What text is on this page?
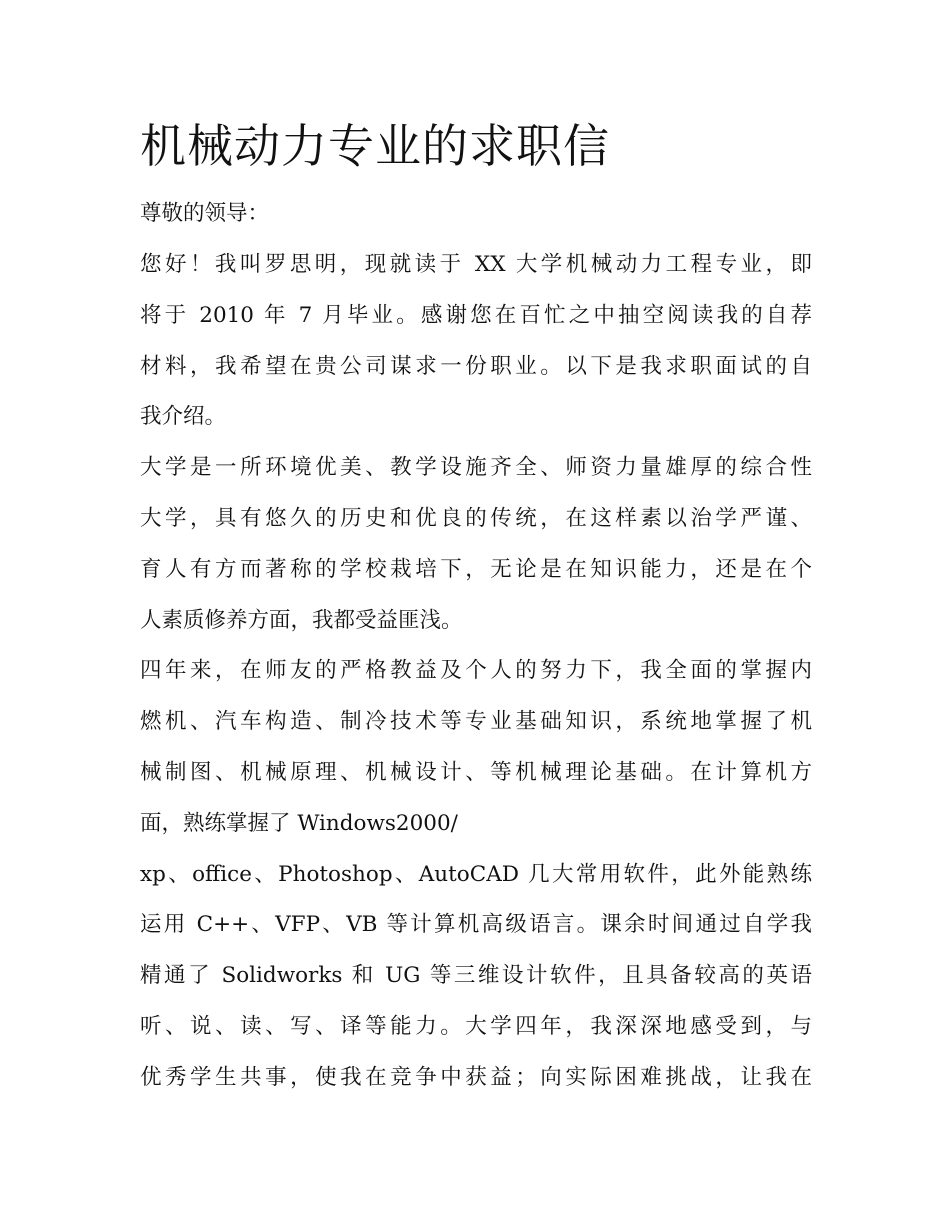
机械动力专业的求职信

尊敬的领导：

您好！我叫罗思明，现就读于 XX 大学机械动力工程专业，即

将于 2010 年 7 月毕业。感谢您在百忙之中抽空阅读我的自荐

材料，我希望在贵公司谋求一份职业。以下是我求职面试的自

我介绍。

大学是一所环境优美、教学设施齐全、师资力量雄厚的综合性

大学，具有悠久的历史和优良的传统，在这样素以治学严谨、

育人有方而著称的学校栽培下，无论是在知识能力，还是在个

人素质修养方面，我都受益匪浅。

四年来，在师友的严格教益及个人的努力下，我全面的掌握内

燃机、汽车构造、制冷技术等专业基础知识，系统地掌握了机

械制图、机械原理、机械设计、等机械理论基础。在计算机方

面，熟练掌握了 Windows2000/

xp、office、Photoshop、AutoCAD 几大常用软件，此外能熟练

运用 C++、VFP、VB 等计算机高级语言。课余时间通过自学我

精通了 Solidworks 和 UG 等三维设计软件，且具备较高的英语

听、说、读、写、译等能力。大学四年，我深深地感受到，与

优秀学生共事，使我在竞争中获益；向实际困难挑战，让我在
